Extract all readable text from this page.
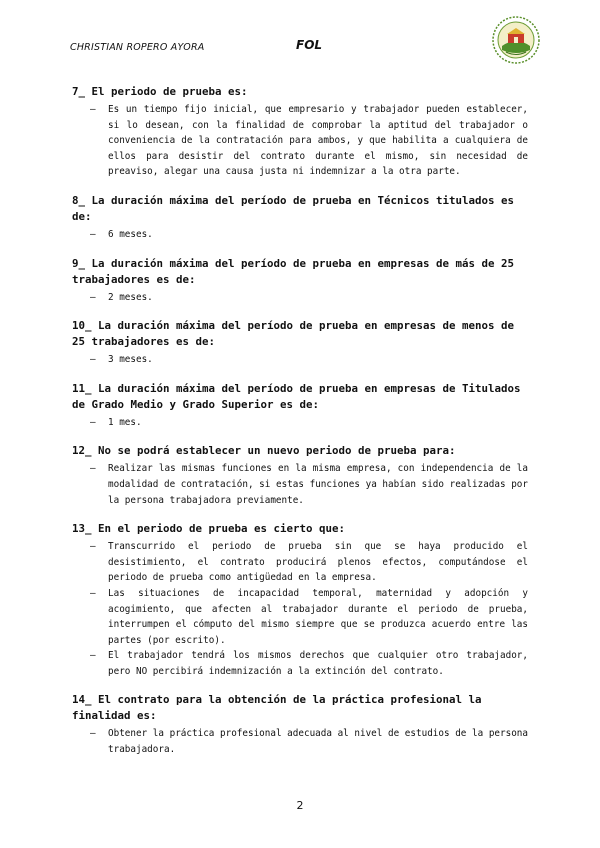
CHRISTIAN ROPERO AYORA	FOL

7_ El periodo de prueba es:

– Es un tiempo fijo inicial, que empresario y trabajador pueden establecer, si lo desean, con la finalidad de comprobar la aptitud del trabajador o conveniencia de la contratación para ambos, y que habilita a cualquiera de ellos para desistir del contrato durante el mismo, sin necesidad de preaviso, alegar una causa justa ni indemnizar a la otra parte.

8_ La duración máxima del período de prueba en Técnicos titulados es de:

– 6 meses.

9_ La duración máxima del período de prueba en empresas de más de 25 trabajadores es de:

– 2 meses.

10_ La duración máxima del período de prueba en empresas de menos de 25 trabajadores es de:

– 3 meses.

11_ La duración máxima del período de prueba en empresas de Titulados de Grado Medio y Grado Superior es de:

– 1 mes.

12_ No se podrá establecer un nuevo periodo de prueba para:

– Realizar las mismas funciones en la misma empresa, con independencia de la modalidad de contratación, si estas funciones ya habían sido realizadas por la persona trabajadora previamente.

13_ En el periodo de prueba es cierto que:

– Transcurrido el periodo de prueba sin que se haya producido el desistimiento, el contrato producirá plenos efectos, computándose el periodo de prueba como antigüedad en la empresa.
– Las situaciones de incapacidad temporal, maternidad y adopción y acogimiento, que afecten al trabajador durante el periodo de prueba, interrumpen el cómputo del mismo siempre que se produzca acuerdo entre las partes (por escrito).
– El trabajador tendrá los mismos derechos que cualquier otro trabajador, pero NO percibirá indemnización a la extinción del contrato.

14_ El contrato para la obtención de la práctica profesional la finalidad es:

– Obtener la práctica profesional adecuada al nivel de estudios de la persona trabajadora.
2
